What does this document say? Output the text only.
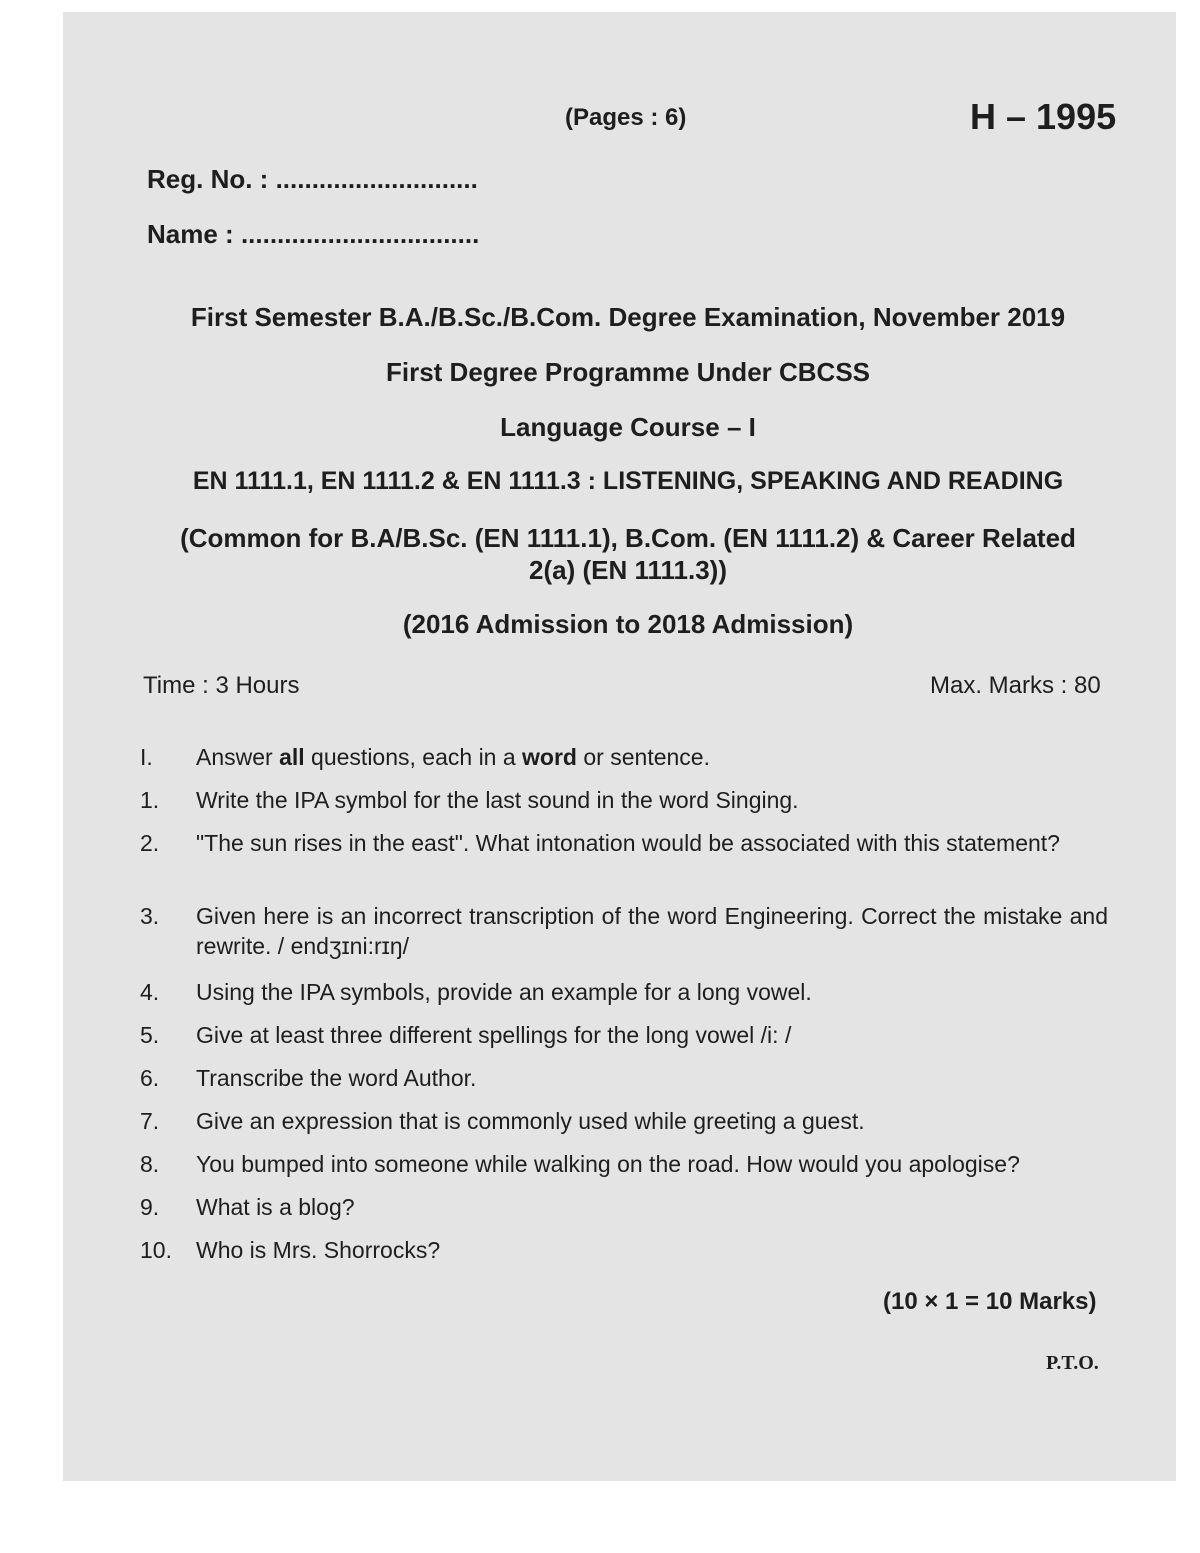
(Pages : 6)	H – 1995
Reg. No. : ............................
Name : .................................
First Semester B.A./B.Sc./B.Com. Degree Examination, November 2019
First Degree Programme Under CBCSS
Language Course – I
EN 1111.1, EN 1111.2 & EN 1111.3 : LISTENING, SPEAKING AND READING
(Common for B.A/B.Sc. (EN 1111.1), B.Com. (EN 1111.2) & Career Related
2(a) (EN 1111.3))
(2016 Admission to 2018 Admission)
Time : 3 Hours	Max. Marks : 80
I.	Answer all questions, each in a word or sentence.
1.	Write the IPA symbol for the last sound in the word Singing.
2.	"The sun rises in the east". What intonation would be associated with this statement?
3.	Given here is an incorrect transcription of the word Engineering. Correct the mistake and rewrite. / endʒɪni:rɪŋ/
4.	Using the IPA symbols, provide an example for a long vowel.
5.	Give at least three different spellings for the long vowel /i: /
6.	Transcribe the word Author.
7.	Give an expression that is commonly used while greeting a guest.
8.	You bumped into someone while walking on the road. How would you apologise?
9.	What is a blog?
10.	Who is Mrs. Shorrocks?
(10 × 1 = 10 Marks)
P.T.O.
